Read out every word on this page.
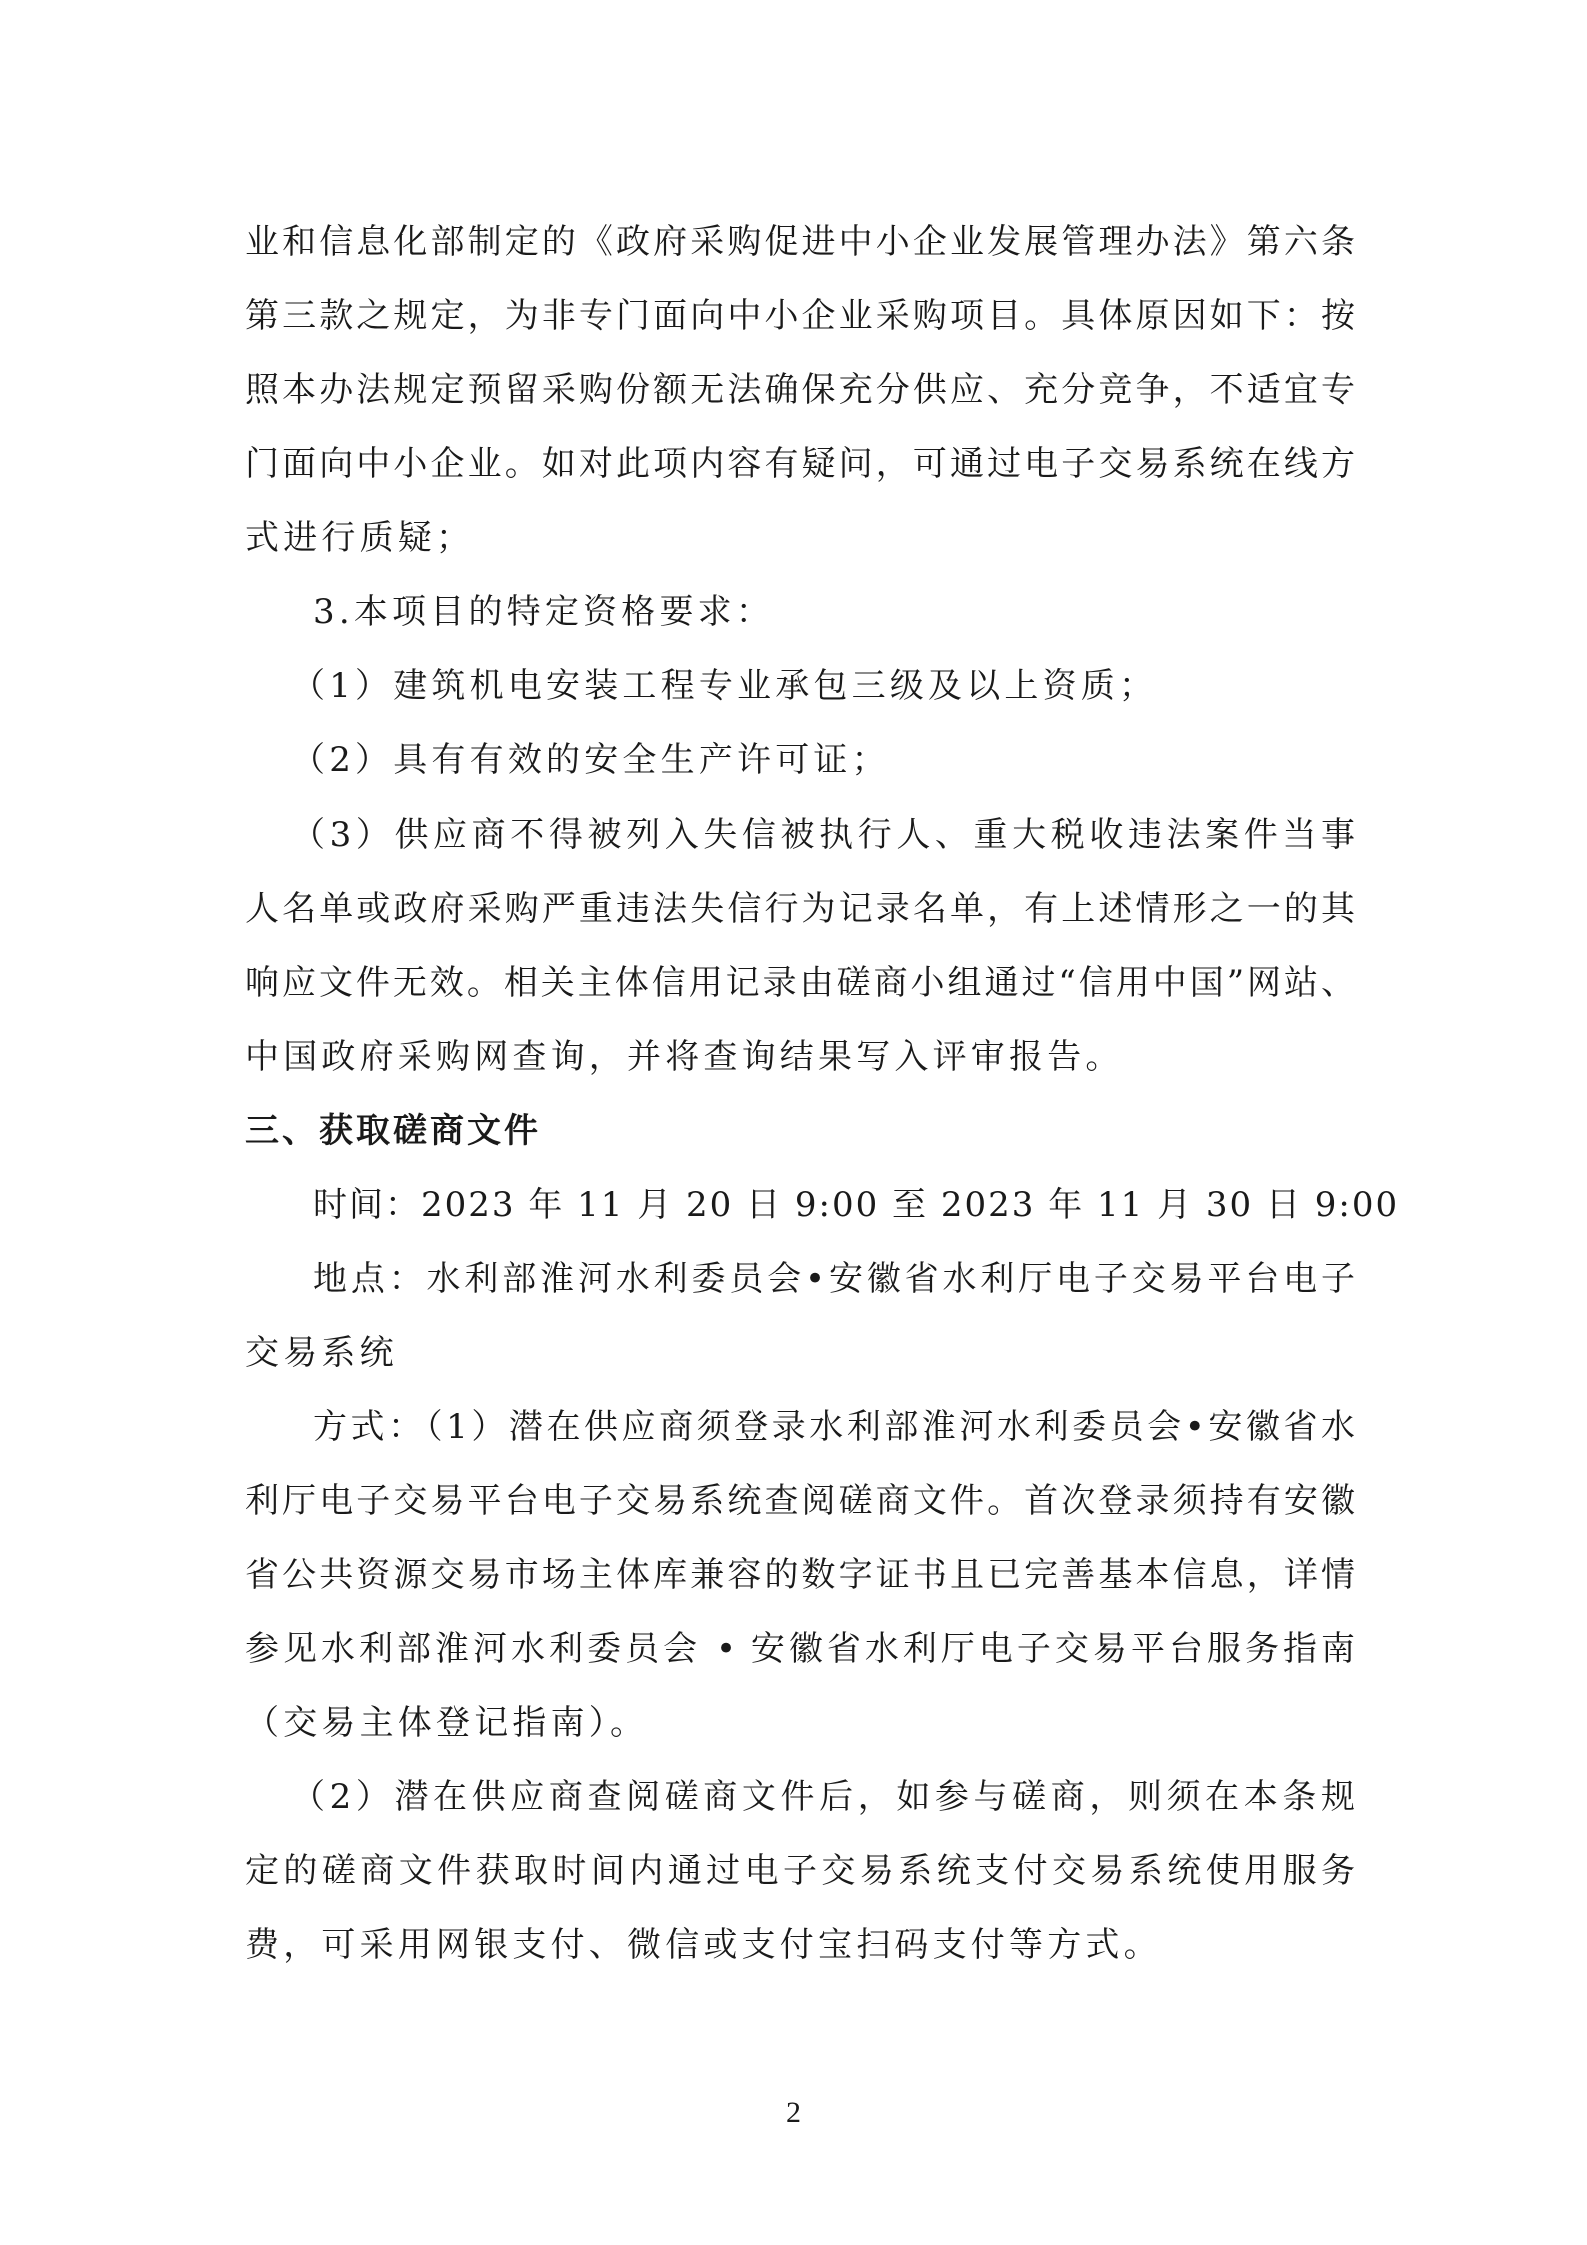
业和信息化部制定的《政府采购促进中小企业发展管理办法》第六条
第三款之规定，为非专门面向中小企业采购项目。具体原因如下：按
照本办法规定预留采购份额无法确保充分供应、充分竞争，不适宜专
门面向中小企业。如对此项内容有疑问，可通过电子交易系统在线方
式进行质疑；
3.本项目的特定资格要求：
（1）建筑机电安装工程专业承包三级及以上资质；
（2）具有有效的安全生产许可证；
（3）供应商不得被列入失信被执行人、重大税收违法案件当事
人名单或政府采购严重违法失信行为记录名单，有上述情形之一的其
响应文件无效。相关主体信用记录由磋商小组通过“信用中国”网站、
中国政府采购网查询，并将查询结果写入评审报告。
三、获取磋商文件
时间：2023 年 11 月 20 日 9:00 至 2023 年 11 月 30 日 9:00
地点：水利部淮河水利委员会•安徽省水利厅电子交易平台电子
交易系统
方式：（1）潜在供应商须登录水利部淮河水利委员会•安徽省水
利厅电子交易平台电子交易系统查阅磋商文件。首次登录须持有安徽
省公共资源交易市场主体库兼容的数字证书且已完善基本信息，详情
参见水利部淮河水利委员会 • 安徽省水利厅电子交易平台服务指南
（交易主体登记指南）。
（2）潜在供应商查阅磋商文件后，如参与磋商，则须在本条规
定的磋商文件获取时间内通过电子交易系统支付交易系统使用服务
费，可采用网银支付、微信或支付宝扫码支付等方式。
2
